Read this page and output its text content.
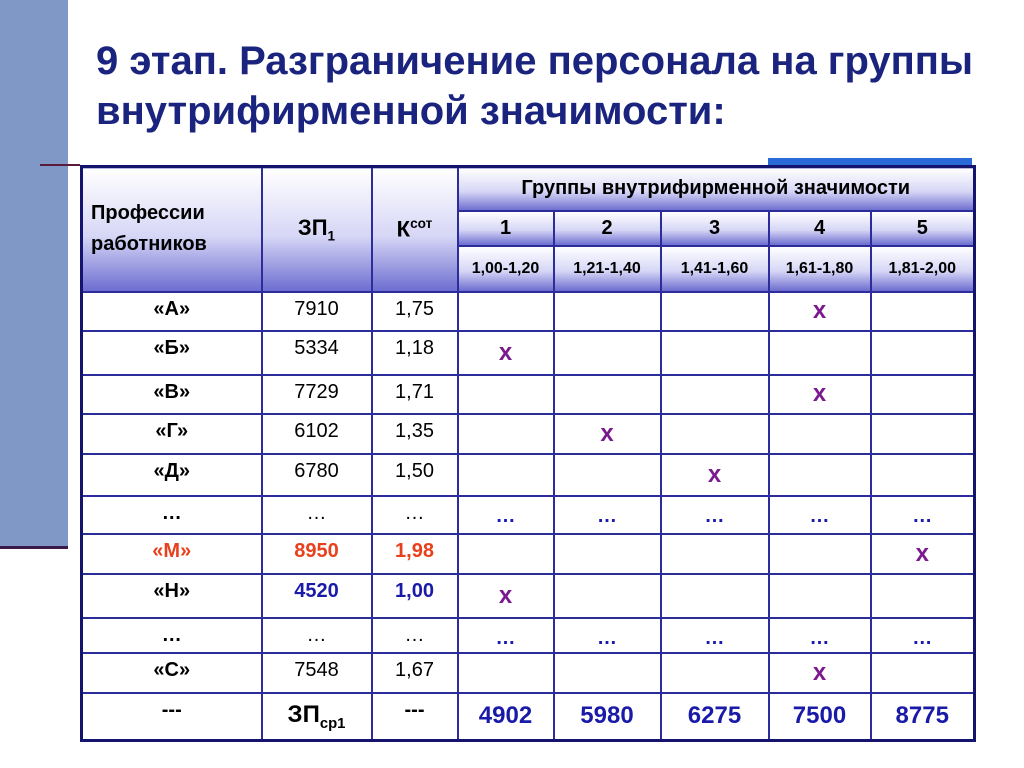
9 этап. Разграничение персонала на группы внутрифирменной значимости:
Профессии работников	$ЗП_1$	$К^{сот}$	Группы внутрифирменной значимости				
			1	2	3	4	5
			1,00-1,20	1,21-1,40	1,41-1,60	1,61-1,80	1,81-2,00
«А»	7910	1,75				x	
«Б»	5334	1,18	x				
«В»	7729	1,71				x	
«Г»	6102	1,35		x			
«Д»	6780	1,50			x		
…	…	…	…	…	…	…	…
«М»	8950	1,98					x
«Н»	4520	1,00	x				
…	…	…	…	…	…	…	…
«С»	7548	1,67				x	
---	$ЗП_{ср1}$	---	4902	5980	6275	7500	8775
